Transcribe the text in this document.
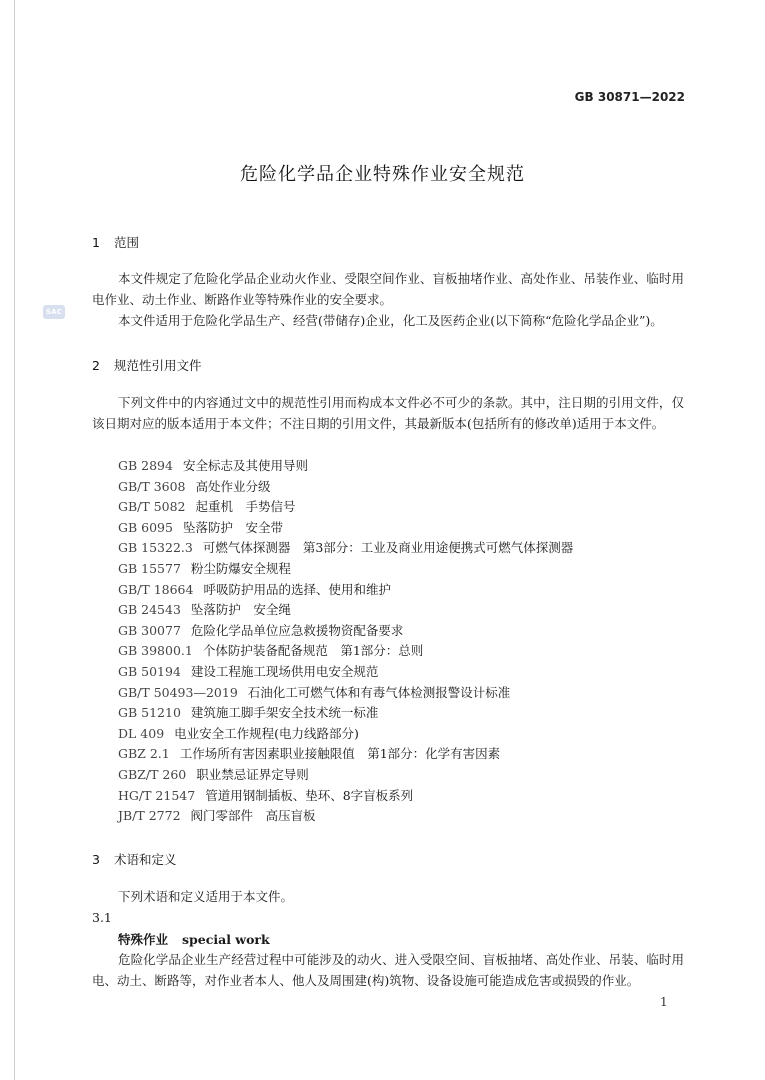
SAC
GB 30871—2022
危险化学品企业特殊作业安全规范
1 范围
本文件规定了危险化学品企业动火作业、受限空间作业、盲板抽堵作业、高处作业、吊装作业、临时用电作业、动土作业、断路作业等特殊作业的安全要求。
本文件适用于危险化学品生产、经营(带储存)企业，化工及医药企业(以下简称“危险化学品企业”)。
2 规范性引用文件
下列文件中的内容通过文中的规范性引用而构成本文件必不可少的条款。其中，注日期的引用文件，仅该日期对应的版本适用于本文件；不注日期的引用文件，其最新版本(包括所有的修改单)适用于本文件。
GB 2894 安全标志及其使用导则
GB/T 3608 高处作业分级
GB/T 5082 起重机　手势信号
GB 6095 坠落防护　安全带
GB 15322.3 可燃气体探测器　第3部分：工业及商业用途便携式可燃气体探测器
GB 15577 粉尘防爆安全规程
GB/T 18664 呼吸防护用品的选择、使用和维护
GB 24543 坠落防护　安全绳
GB 30077 危险化学品单位应急救援物资配备要求
GB 39800.1 个体防护装备配备规范　第1部分：总则
GB 50194 建设工程施工现场供用电安全规范
GB/T 50493—2019 石油化工可燃气体和有毒气体检测报警设计标准
GB 51210 建筑施工脚手架安全技术统一标准
DL 409 电业安全工作规程(电力线路部分)
GBZ 2.1 工作场所有害因素职业接触限值　第1部分：化学有害因素
GBZ/T 260 职业禁忌证界定导则
HG/T 21547 管道用钢制插板、垫环、8字盲板系列
JB/T 2772 阀门零部件　高压盲板
3 术语和定义
下列术语和定义适用于本文件。
3.1
特殊作业 special work
危险化学品企业生产经营过程中可能涉及的动火、进入受限空间、盲板抽堵、高处作业、吊装、临时用电、动土、断路等，对作业者本人、他人及周围建(构)筑物、设备设施可能造成危害或损毁的作业。
1
